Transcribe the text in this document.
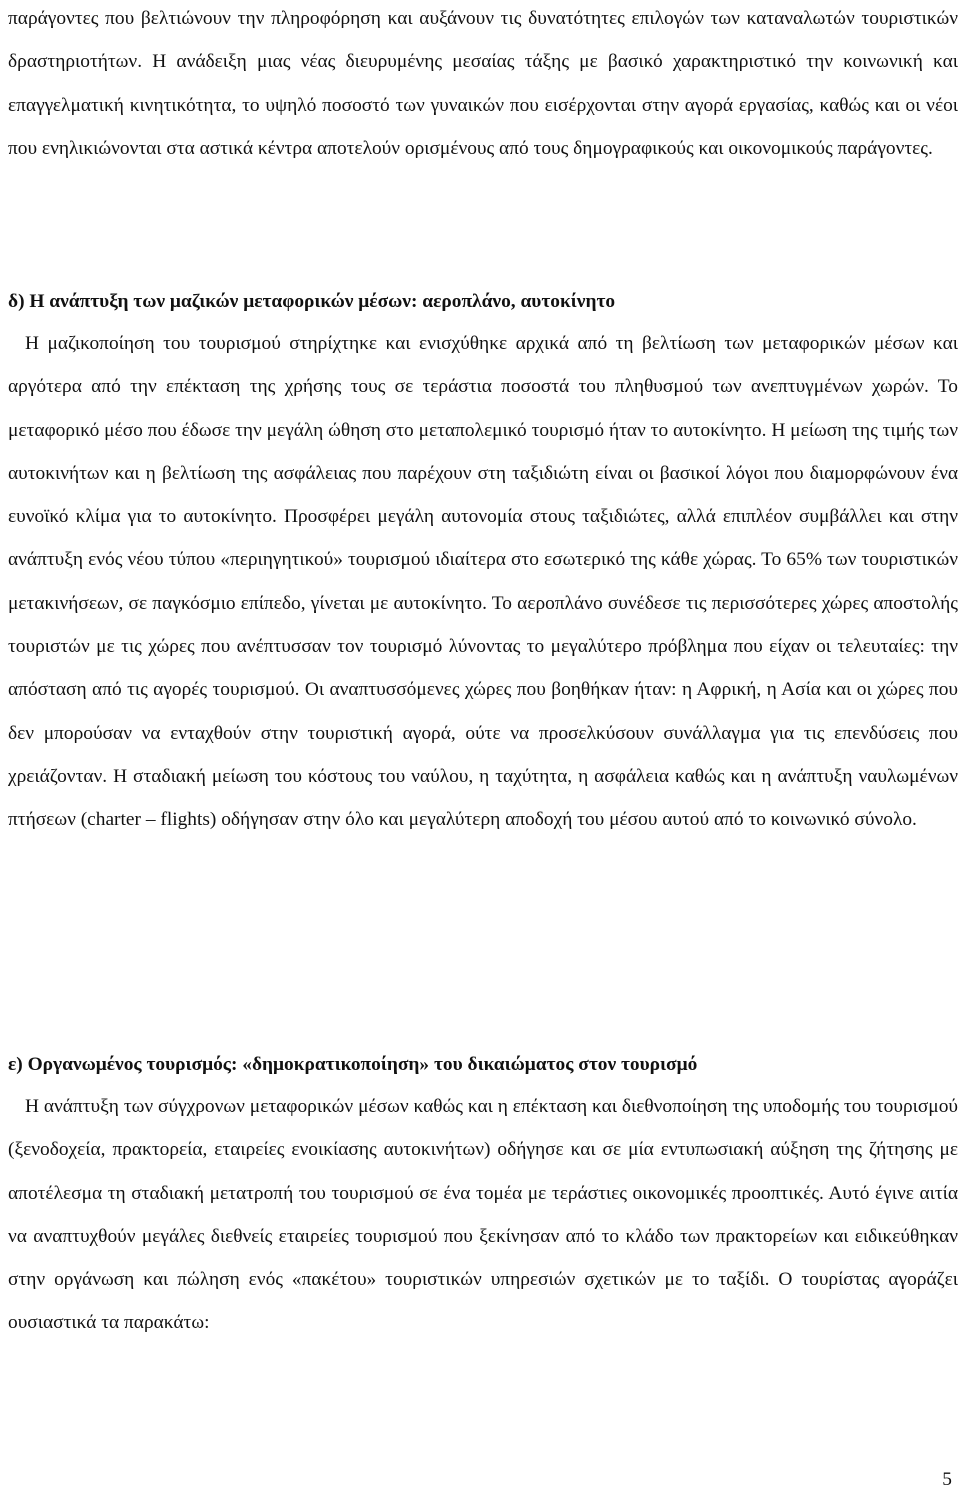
παράγοντες που βελτιώνουν την πληροφόρηση και αυξάνουν τις δυνατότητες επιλογών των καταναλωτών τουριστικών δραστηριοτήτων. Η ανάδειξη μιας νέας διευρυμένης μεσαίας τάξης με βασικό χαρακτηριστικό την κοινωνική και επαγγελματική κινητικότητα, το υψηλό ποσοστό των γυναικών που εισέρχονται στην αγορά εργασίας, καθώς και οι νέοι που ενηλικιώνονται στα αστικά κέντρα αποτελούν ορισμένους από τους δημογραφικούς και οικονομικούς παράγοντες.

δ) Η ανάπτυξη των μαζικών μεταφορικών μέσων: αεροπλάνο, αυτοκίνητο

Η μαζικοποίηση του τουρισμού στηρίχτηκε και ενισχύθηκε αρχικά από τη βελτίωση των μεταφορικών μέσων και αργότερα από την επέκταση της χρήσης τους σε τεράστια ποσοστά του πληθυσμού των ανεπτυγμένων χωρών. Το μεταφορικό μέσο που έδωσε την μεγάλη ώθηση στο μεταπολεμικό τουρισμό ήταν το αυτοκίνητο. Η μείωση της τιμής των αυτοκινήτων και η βελτίωση της ασφάλειας που παρέχουν στη ταξιδιώτη είναι οι βασικοί λόγοι που διαμορφώνουν ένα ευνοϊκό κλίμα για το αυτοκίνητο. Προσφέρει μεγάλη αυτονομία στους ταξιδιώτες, αλλά επιπλέον συμβάλλει και στην ανάπτυξη ενός νέου τύπου «περιηγητικού» τουρισμού ιδιαίτερα στο εσωτερικό της κάθε χώρας. Το 65% των τουριστικών μετακινήσεων, σε παγκόσμιο επίπεδο, γίνεται με αυτοκίνητο. Το αεροπλάνο συνέδεσε τις περισσότερες χώρες αποστολής τουριστών με τις χώρες που ανέπτυσσαν τον τουρισμό λύνοντας το μεγαλύτερο πρόβλημα που είχαν οι τελευταίες: την απόσταση από τις αγορές τουρισμού. Οι αναπτυσσόμενες χώρες που βοηθήκαν ήταν: η Αφρική, η Ασία και οι χώρες που δεν μπορούσαν να ενταχθούν στην τουριστική αγορά, ούτε να προσελκύσουν συνάλλαγμα για τις επενδύσεις που χρειάζονταν. Η σταδιακή μείωση του κόστους του ναύλου, η ταχύτητα, η ασφάλεια καθώς και η ανάπτυξη ναυλωμένων πτήσεων (charter – flights) οδήγησαν στην όλο και μεγαλύτερη αποδοχή του μέσου αυτού από το κοινωνικό σύνολο.

ε) Οργανωμένος τουρισμός: «δημοκρατικοποίηση» του δικαιώματος στον τουρισμό

Η ανάπτυξη των σύγχρονων μεταφορικών μέσων καθώς και η επέκταση και διεθνοποίηση της υποδομής του τουρισμού (ξενοδοχεία, πρακτορεία, εταιρείες ενοικίασης αυτοκινήτων) οδήγησε και σε μία εντυπωσιακή αύξηση της ζήτησης με αποτέλεσμα τη σταδιακή μετατροπή του τουρισμού σε ένα τομέα με τεράστιες οικονομικές προοπτικές. Αυτό έγινε αιτία να αναπτυχθούν μεγάλες διεθνείς εταιρείες τουρισμού που ξεκίνησαν από το κλάδο των πρακτορείων και ειδικεύθηκαν στην οργάνωση και πώληση ενός «πακέτου» τουριστικών υπηρεσιών σχετικών με το ταξίδι. Ο τουρίστας αγοράζει ουσιαστικά τα παρακάτω:

5
